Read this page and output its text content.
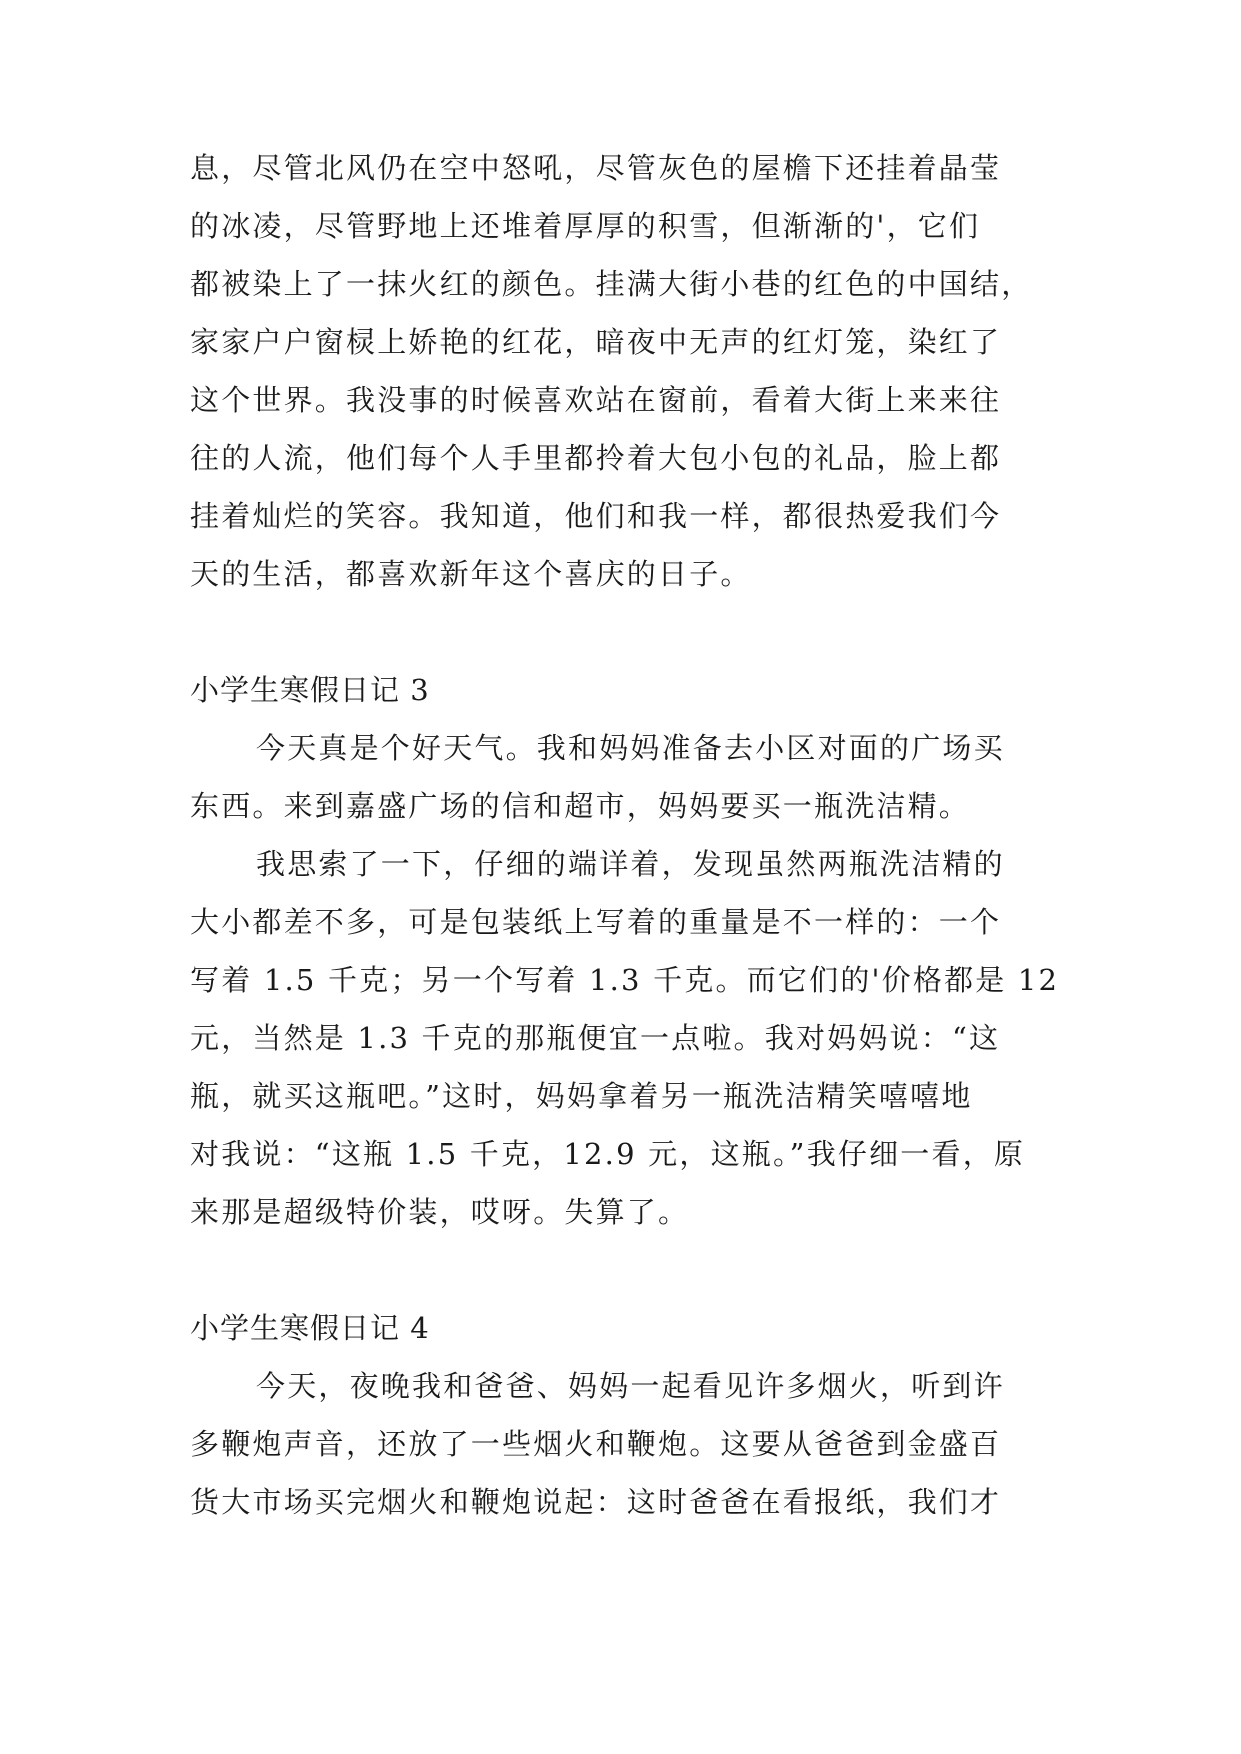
息，尽管北风仍在空中怒吼，尽管灰色的屋檐下还挂着晶莹
的冰凌，尽管野地上还堆着厚厚的积雪，但渐渐的'，它们
都被染上了一抹火红的颜色。挂满大街小巷的红色的中国结，
家家户户窗棂上娇艳的红花，暗夜中无声的红灯笼，染红了
这个世界。我没事的时候喜欢站在窗前，看着大街上来来往
往的人流，他们每个人手里都拎着大包小包的礼品，脸上都
挂着灿烂的笑容。我知道，他们和我一样，都很热爱我们今
天的生活，都喜欢新年这个喜庆的日子。
小学生寒假日记 3
今天真是个好天气。我和妈妈准备去小区对面的广场买
东西。来到嘉盛广场的信和超市，妈妈要买一瓶洗洁精。
我思索了一下，仔细的端详着，发现虽然两瓶洗洁精的
大小都差不多，可是包装纸上写着的重量是不一样的：一个
写着 1.5 千克；另一个写着 1.3 千克。而它们的'价格都是 12
元，当然是 1.3 千克的那瓶便宜一点啦。我对妈妈说：“这
瓶，就买这瓶吧。”这时，妈妈拿着另一瓶洗洁精笑嘻嘻地
对我说：“这瓶 1.5 千克，12.9 元，这瓶。”我仔细一看，原
来那是超级特价装，哎呀。失算了。
小学生寒假日记 4
今天，夜晚我和爸爸、妈妈一起看见许多烟火，听到许
多鞭炮声音，还放了一些烟火和鞭炮。这要从爸爸到金盛百
货大市场买完烟火和鞭炮说起：这时爸爸在看报纸，我们才
